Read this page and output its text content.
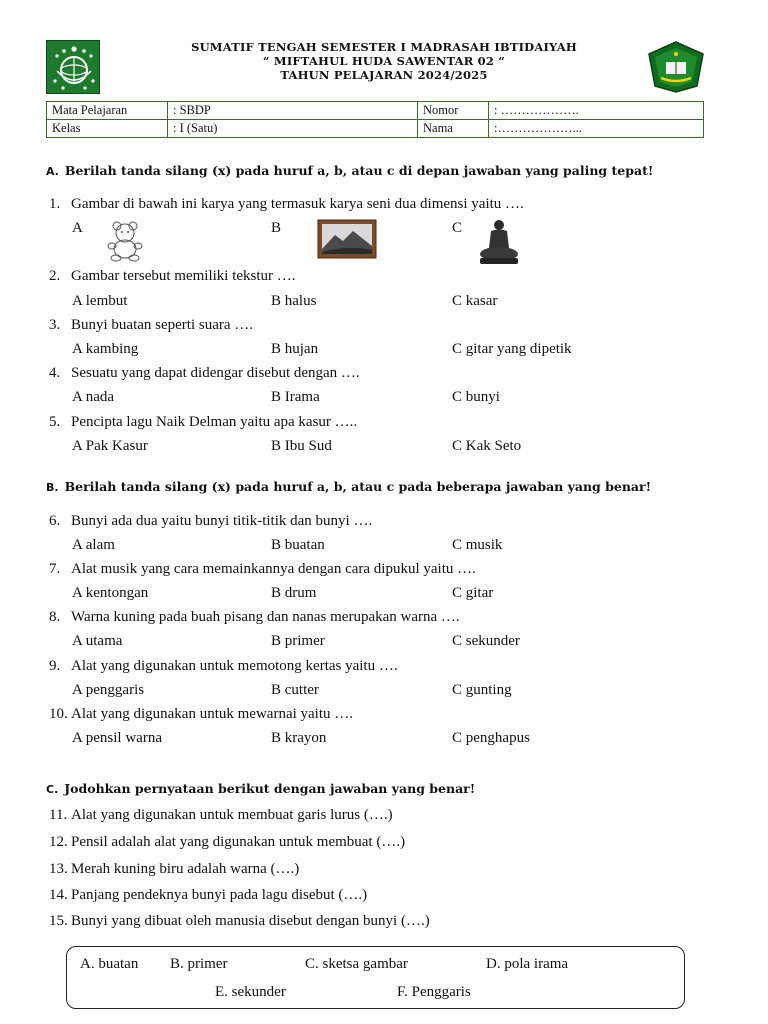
SUMATIF TENGAH SEMESTER I MADRASAH IBTIDAIYAH
“ MIFTAHUL HUDA SAWENTAR 02 “
TAHUN PELAJARAN 2024/2025
Mata Pelajaran	: SBDP	Nomor	: ……………….
Kelas	: I (Satu)	Nama	:………………...
A. Berilah tanda silang (x) pada huruf a, b, atau c di depan jawaban yang paling tepat!
1. Gambar di bawah ini karya yang termasuk karya seni dua dimensi yaitu ….
A	B	C
2. Gambar tersebut memiliki tekstur ….
A lembut	B halus	C kasar
3. Bunyi buatan seperti suara ….
A kambing	B hujan	C gitar yang dipetik
4. Sesuatu yang dapat didengar disebut dengan ….
A nada	B Irama	C bunyi
5. Pencipta lagu Naik Delman yaitu apa kasur …..
A Pak Kasur	B Ibu Sud	C Kak Seto
B. Berilah tanda silang (x) pada huruf a, b, atau c pada beberapa jawaban yang benar!
6. Bunyi ada dua yaitu bunyi titik-titik dan bunyi ….
A alam	B buatan	C musik
7. Alat musik yang cara memainkannya dengan cara dipukul yaitu ….
A kentongan	B drum	C gitar
8. Warna kuning pada buah pisang dan nanas merupakan warna ….
A utama	B primer	C sekunder
9. Alat yang digunakan untuk memotong kertas yaitu ….
A penggaris	B cutter	C gunting
10. Alat yang digunakan untuk mewarnai yaitu ….
A pensil warna	B krayon	C penghapus
C. Jodohkan pernyataan berikut dengan jawaban yang benar!
11. Alat yang digunakan untuk membuat garis lurus (….)
12. Pensil adalah alat yang digunakan untuk membuat (….)
13. Merah kuning biru adalah warna (….)
14. Panjang pendeknya bunyi pada lagu disebut (….)
15. Bunyi yang dibuat oleh manusia disebut dengan bunyi (….)
A. buatan B. primer	C. sketsa gambar	D. pola irama
E. sekunder	F. Penggaris
